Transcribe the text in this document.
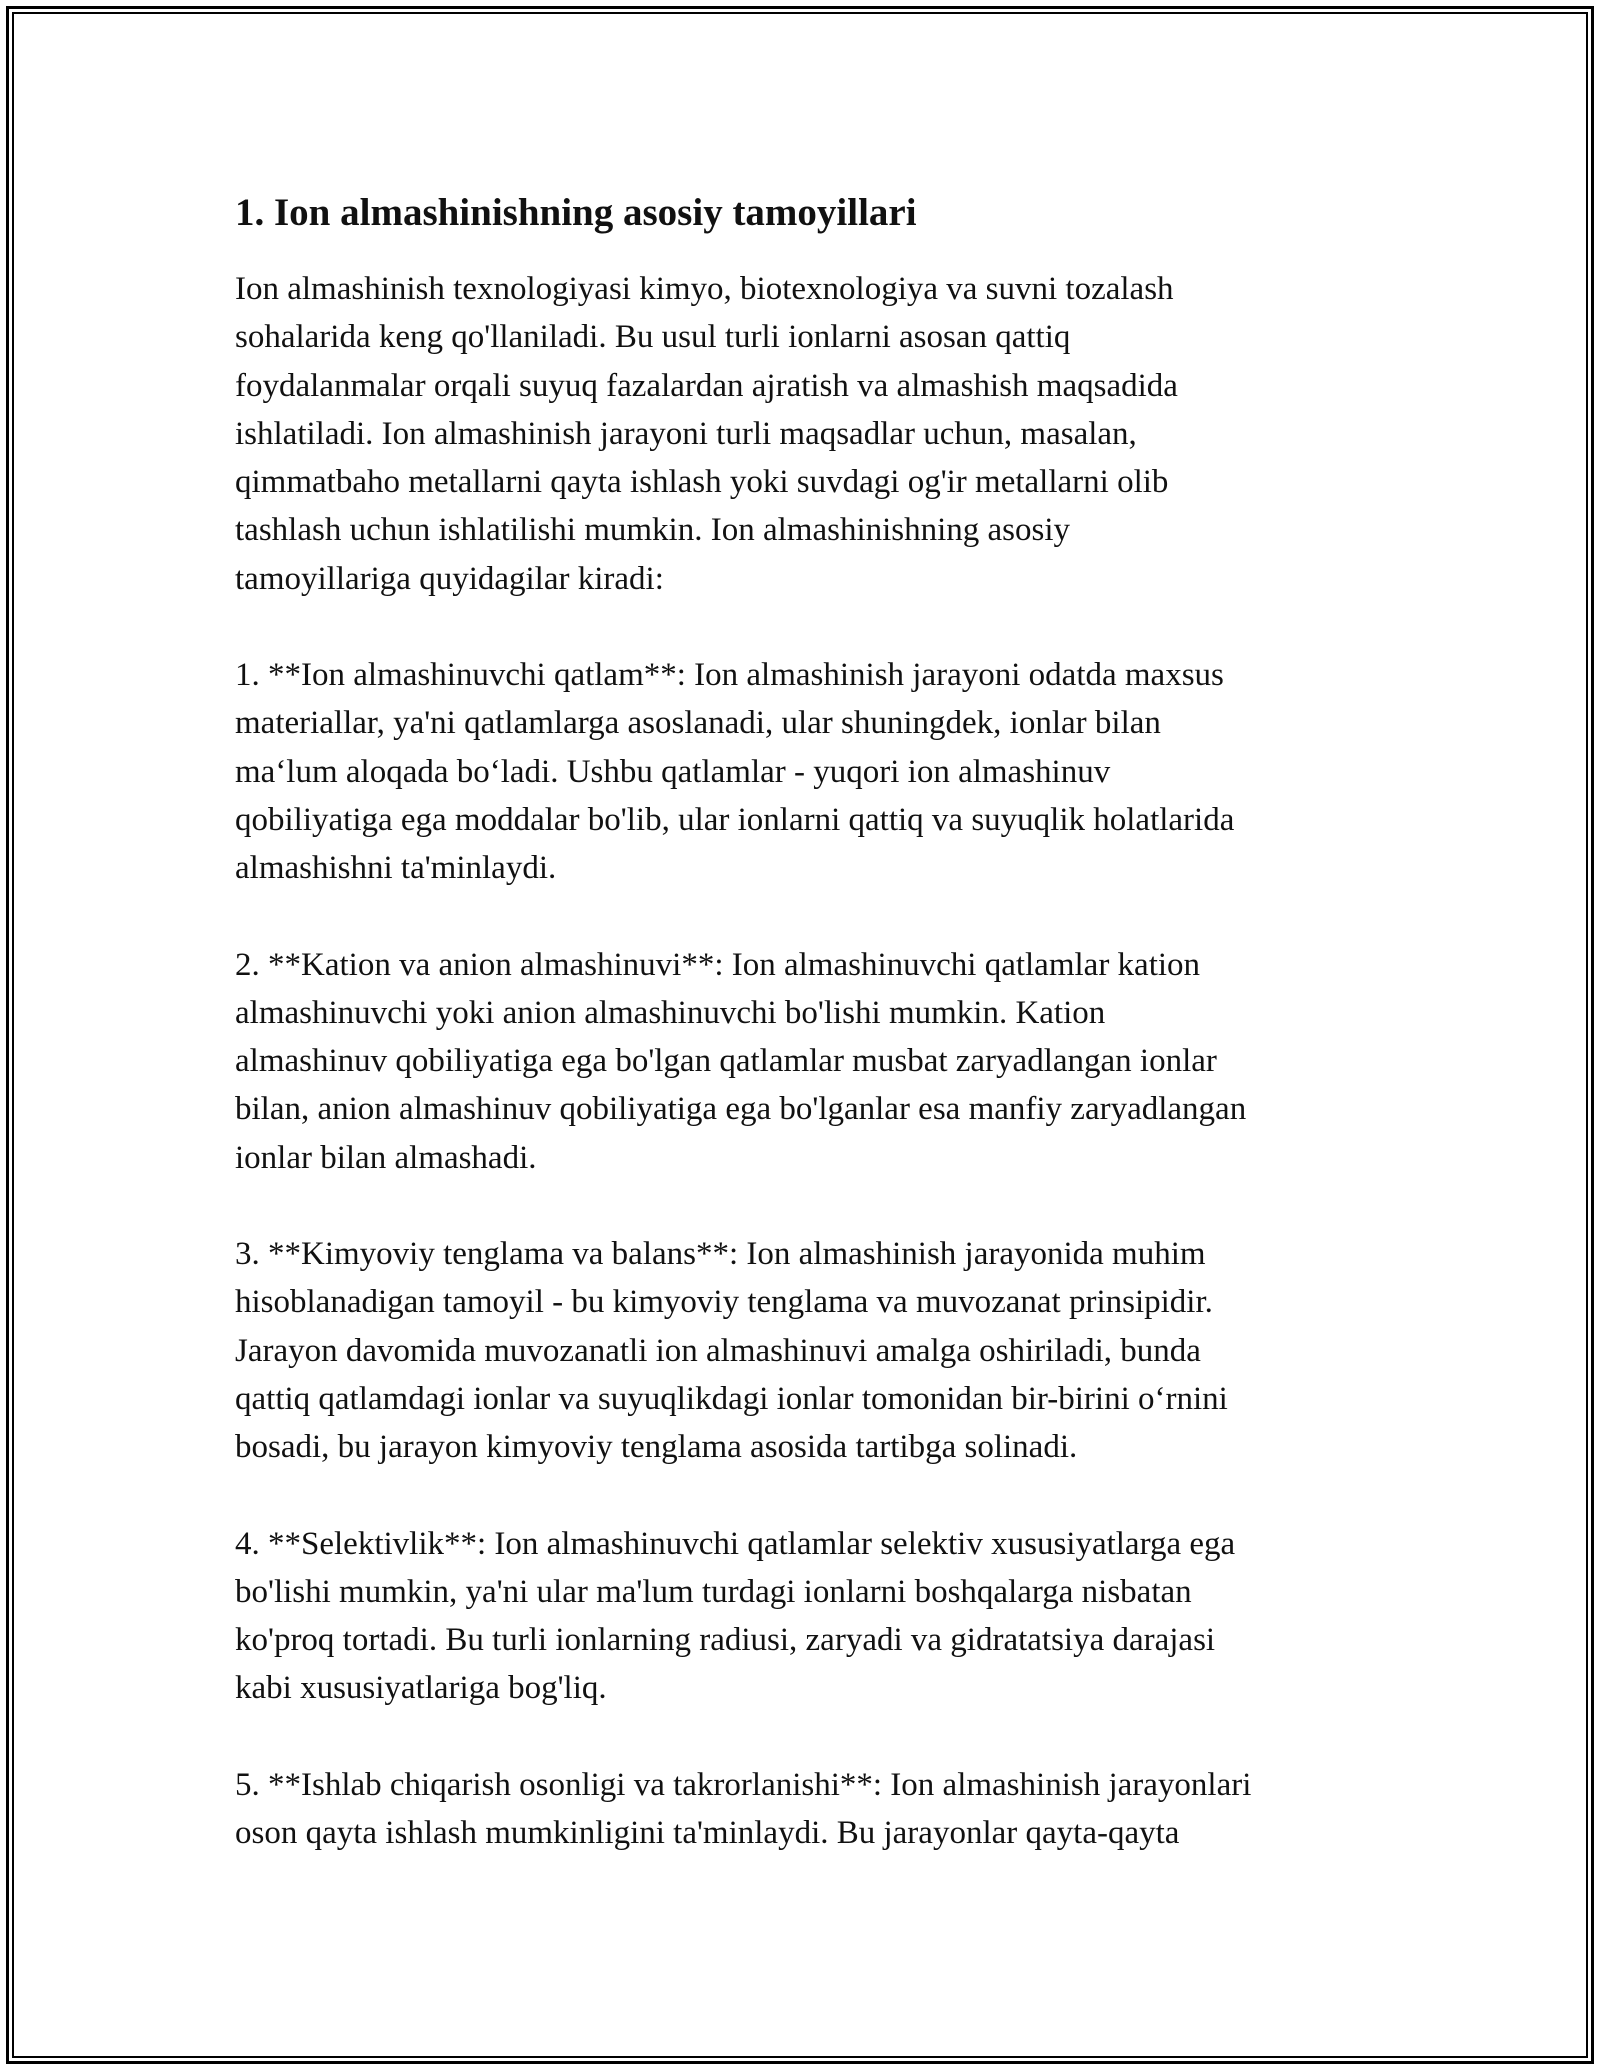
1. Ion almashinishning asosiy tamoyillari

Ion almashinish texnologiyasi kimyo, biotexnologiya va suvni tozalash
sohalarida keng qo'llaniladi. Bu usul turli ionlarni asosan qattiq
foydalanmalar orqali suyuq fazalardan ajratish va almashish maqsadida
ishlatiladi. Ion almashinish jarayoni turli maqsadlar uchun, masalan,
qimmatbaho metallarni qayta ishlash yoki suvdagi og'ir metallarni olib
tashlash uchun ishlatilishi mumkin. Ion almashinishning asosiy
tamoyillariga quyidagilar kiradi:

1. **Ion almashinuvchi qatlam**: Ion almashinish jarayoni odatda maxsus
materiallar, ya'ni qatlamlarga asoslanadi, ular shuningdek, ionlar bilan
maʻlum aloqada boʻladi. Ushbu qatlamlar - yuqori ion almashinuv
qobiliyatiga ega moddalar bo'lib, ular ionlarni qattiq va suyuqlik holatlarida
almashishni ta'minlaydi.

2. **Kation va anion almashinuvi**: Ion almashinuvchi qatlamlar kation
almashinuvchi yoki anion almashinuvchi bo'lishi mumkin. Kation
almashinuv qobiliyatiga ega bo'lgan qatlamlar musbat zaryadlangan ionlar
bilan, anion almashinuv qobiliyatiga ega bo'lganlar esa manfiy zaryadlangan
ionlar bilan almashadi.

3. **Kimyoviy tenglama va balans**: Ion almashinish jarayonida muhim
hisoblanadigan tamoyil - bu kimyoviy tenglama va muvozanat prinsipidir.
Jarayon davomida muvozanatli ion almashinuvi amalga oshiriladi, bunda
qattiq qatlamdagi ionlar va suyuqlikdagi ionlar tomonidan bir-birini oʻrnini
bosadi, bu jarayon kimyoviy tenglama asosida tartibga solinadi.

4. **Selektivlik**: Ion almashinuvchi qatlamlar selektiv xususiyatlarga ega
bo'lishi mumkin, ya'ni ular ma'lum turdagi ionlarni boshqalarga nisbatan
ko'proq tortadi. Bu turli ionlarning radiusi, zaryadi va gidratatsiya darajasi
kabi xususiyatlariga bog'liq.

5. **Ishlab chiqarish osonligi va takrorlanishi**: Ion almashinish jarayonlari
oson qayta ishlash mumkinligini ta'minlaydi. Bu jarayonlar qayta-qayta
